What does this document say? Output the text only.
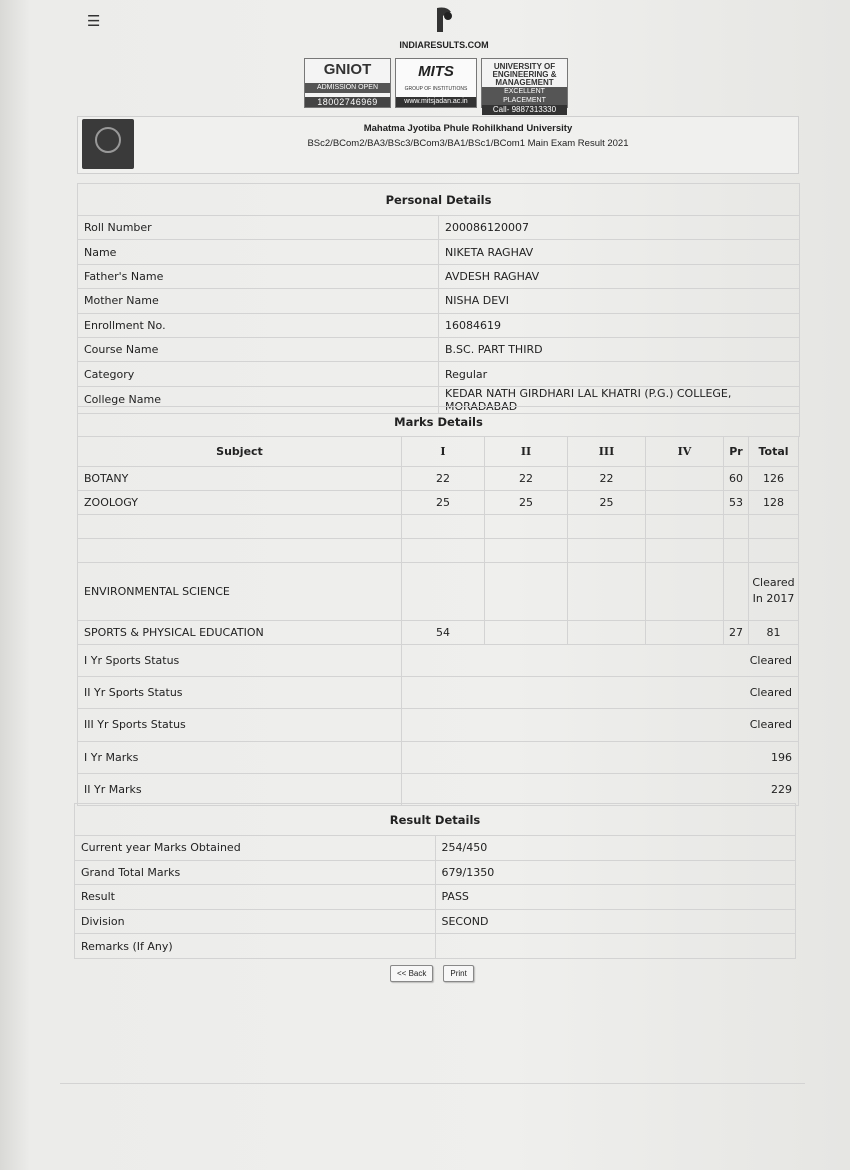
☰
INDIARESULTS.COM
GNIOT
ADMISSION OPEN
18002746969
MITS
GROUP OF INSTITUTIONS
www.mitsjadan.ac.in
UNIVERSITY OF ENGINEERING & MANAGEMENT
EXCELLENT PLACEMENT
Call- 9887313330
Mahatma Jyotiba Phule Rohilkhand University
BSc2/BCom2/BA3/BSc3/BCom3/BA1/BSc1/BCom1 Main Exam Result 2021
Personal Details	
Roll Number	200086120007
Name	NIKETA RAGHAV
Father's Name	AVDESH RAGHAV
Mother Name	NISHA DEVI
Enrollment No.	16084619
Course Name	B.SC. PART THIRD
Category	Regular
College Name	KEDAR NATH GIRDHARI LAL KHATRI (P.G.) COLLEGE, MORADABAD

Subject	I	II	III	IV	Pr	Total
BOTANY	22	22	22		60	126
ZOOLOGY	25	25	25		53	128

ENVIRONMENTAL SCIENCE						Cleared In 2017
SPORTS & PHYSICAL EDUCATION	54				27	81
I Yr Sports Status	Cleared					
II Yr Sports Status	Cleared					
III Yr Sports Status	Cleared					
I Yr Marks	196					
II Yr Marks	229					
Marks Details
Result Details	
Current year Marks Obtained	254/450
Grand Total Marks	679/1350
Result	PASS
Division	SECOND
Remarks (If Any)	
<< Back	Print
